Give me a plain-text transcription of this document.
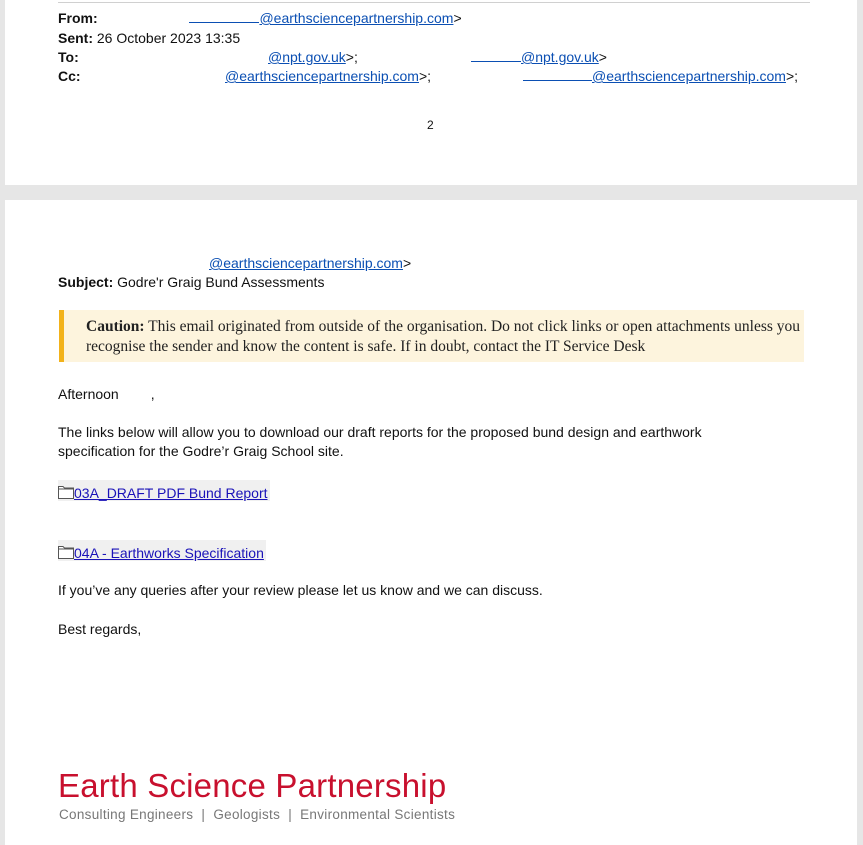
From:	@earthsciencepartnership.com>
Sent: 26 October 2023 13:35
To:	@npt.gov.uk>;	@npt.gov.uk>
Cc:	@earthsciencepartnership.com>;	@earthsciencepartnership.com>;
2
@earthsciencepartnership.com>
Subject: Godre'r Graig Bund Assessments
Caution: This email originated from outside of the organisation. Do not click links or open attachments unless you recognise the sender and know the content is safe. If in doubt, contact the IT Service Desk
Afternoon ,
The links below will allow you to download our draft reports for the proposed bund design and earthwork specification for the Godre’r Graig School site.
03A_DRAFT PDF Bund Report
04A - Earthworks Specification
If you’ve any queries after your review please let us know and we can discuss.
Best regards,
Earth Science Partnership
Consulting Engineers  |  Geologists  |  Environmental Scientists
